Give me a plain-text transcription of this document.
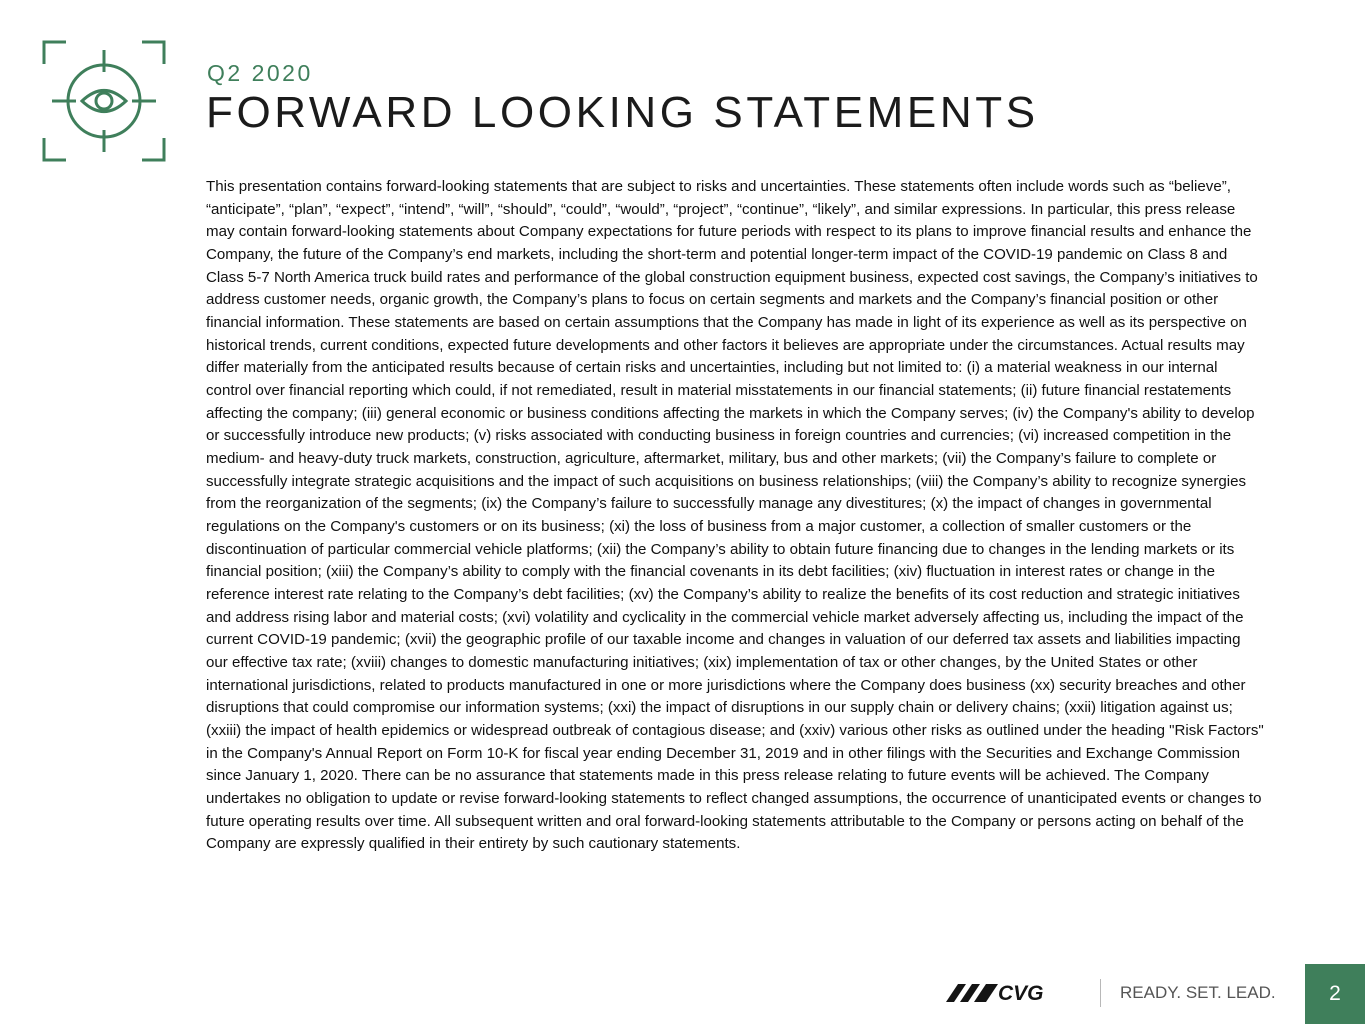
Q2 2020
FORWARD LOOKING STATEMENTS

This presentation contains forward-looking statements that are subject to risks and uncertainties. These statements often include words such as “believe”, “anticipate”, “plan”, “expect”, “intend”, “will”, “should”, “could”, “would”, “project”, “continue”, “likely”, and similar expressions. In particular, this press release may contain forward-looking statements about Company expectations for future periods with respect to its plans to improve financial results and enhance the Company, the future of the Company’s end markets, including the short-term and potential longer-term impact of the COVID-19 pandemic on Class 8 and Class 5-7 North America truck build rates and performance of the global construction equipment business, expected cost savings, the Company’s initiatives to address customer needs, organic growth, the Company’s plans to focus on certain segments and markets and the Company’s financial position or other financial information. These statements are based on certain assumptions that the Company has made in light of its experience as well as its perspective on historical trends, current conditions, expected future developments and other factors it believes are appropriate under the circumstances. Actual results may differ materially from the anticipated results because of certain risks and uncertainties, including but not limited to: (i) a material weakness in our internal control over financial reporting which could, if not remediated, result in material misstatements in our financial statements; (ii) future financial restatements affecting the company; (iii) general economic or business conditions affecting the markets in which the Company serves; (iv) the Company's ability to develop or successfully introduce new products; (v) risks associated with conducting business in foreign countries and currencies; (vi) increased competition in the medium- and heavy-duty truck markets, construction, agriculture, aftermarket, military, bus and other markets; (vii) the Company’s failure to complete or successfully integrate strategic acquisitions and the impact of such acquisitions on business relationships; (viii) the Company’s ability to recognize synergies from the reorganization of the segments; (ix) the Company’s failure to successfully manage any divestitures; (x) the impact of changes in governmental regulations on the Company's customers or on its business; (xi) the loss of business from a major customer, a collection of smaller customers or the discontinuation of particular commercial vehicle platforms; (xii) the Company’s ability to obtain future financing due to changes in the lending markets or its financial position; (xiii) the Company’s ability to comply with the financial covenants in its debt facilities; (xiv) fluctuation in interest rates or change in the reference interest rate relating to the Company’s debt facilities; (xv) the Company’s ability to realize the benefits of its cost reduction and strategic initiatives and address rising labor and material costs; (xvi) volatility and cyclicality in the commercial vehicle market adversely affecting us, including the impact of the current COVID-19 pandemic; (xvii) the geographic profile of our taxable income and changes in valuation of our deferred tax assets and liabilities impacting our effective tax rate; (xviii) changes to domestic manufacturing initiatives; (xix) implementation of tax or other changes, by the United States or other international jurisdictions, related to products manufactured in one or more jurisdictions where the Company does business (xx) security breaches and other disruptions that could compromise our information systems; (xxi) the impact of disruptions in our supply chain or delivery chains; (xxii) litigation against us; (xxiii) the impact of health epidemics or widespread outbreak of contagious disease; and (xxiv) various other risks as outlined under the heading "Risk Factors" in the Company's Annual Report on Form 10-K for fiscal year ending December 31, 2019 and in other filings with the Securities and Exchange Commission since January 1, 2020. There can be no assurance that statements made in this press release relating to future events will be achieved. The Company undertakes no obligation to update or revise forward-looking statements to reflect changed assumptions, the occurrence of unanticipated events or changes to future operating results over time. All subsequent written and oral forward-looking statements attributable to the Company or persons acting on behalf of the Company are expressly qualified in their entirety by such cautionary statements.

CVG	READY. SET. LEAD.	2
